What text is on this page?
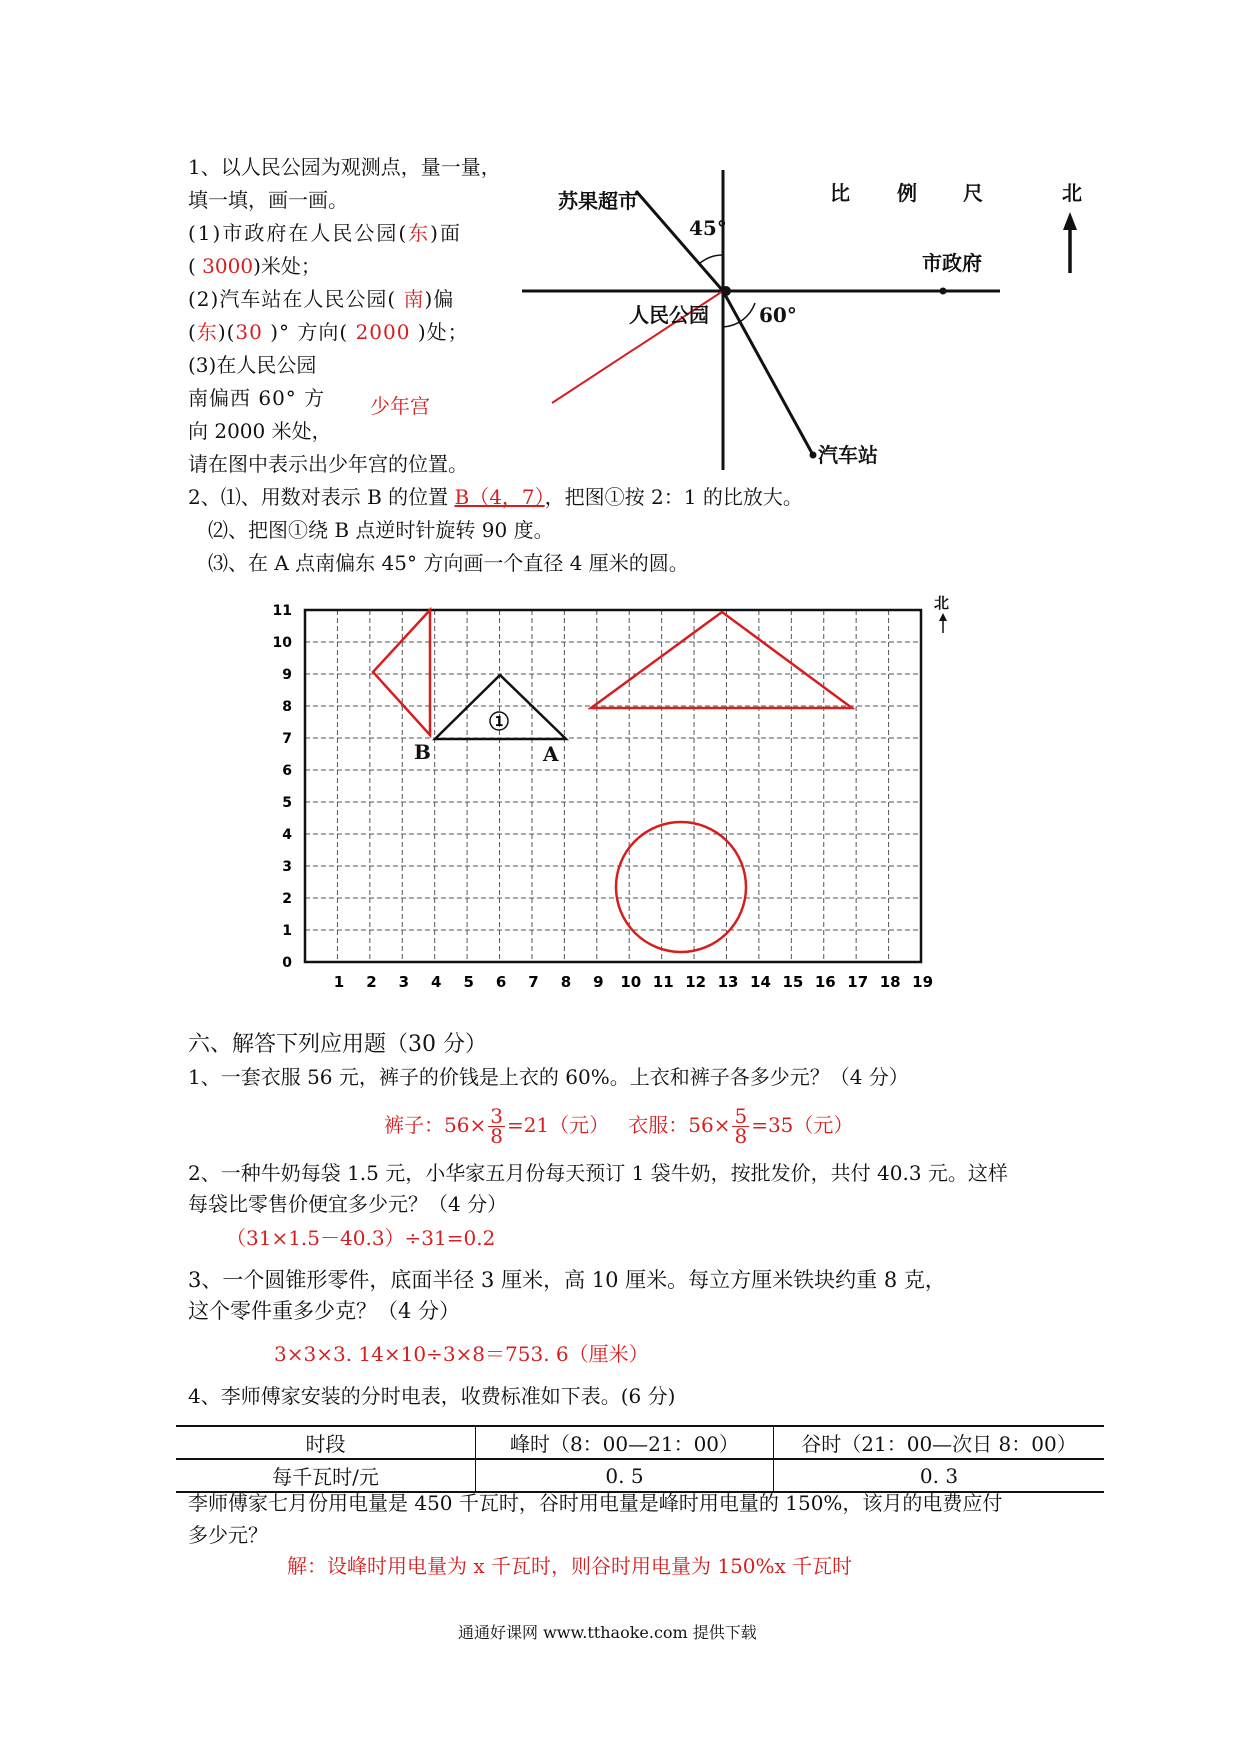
1、以人民公园为观测点，量一量，
填一填，画一画。
(1)市政府在人民公园(东)面
( 3000)米处；
(2)汽车站在人民公园( 南)偏
(东)(30 )° 方向( 2000 )处；
(3)在人民公园
南偏西 60° 方
向 2000 米处，
请在图中表示出少年宫的位置。
少年宫
苏果超市
45°
比 例 尺	北
市政府
人民公园	60°
汽车站
2、⑴、用数对表示 B 的位置 B（4，7），把图①按 2：1 的比放大。
⑵、把图①绕 B 点逆时针旋转 90 度。
⑶、在 A 点南偏东 45° 方向画一个直径 4 厘米的圆。
1 2 3 4 5 6 7 8 9 10 11 12 13 14 15 16 17 18 19
0
1
2
3
4
5
6
7
8
9
10
11
1
北
B	A
六、解答下列应用题（30 分）
1、一套衣服 56 元，裤子的价钱是上衣的 60%。上衣和裤子各多少元？（4 分）
裤子：$56\times \frac{3}{8} =21$（元） 衣服：$56\times \frac{5}{8} =35$（元）
2、一种牛奶每袋 1.5 元，小华家五月份每天预订 1 袋牛奶，按批发价，共付 40.3 元。这样
每袋比零售价便宜多少元？（4 分）
（31×1.5－40.3）÷31=0.2
3、一个圆锥形零件，底面半径 3 厘米，高 10 厘米。每立方厘米铁块约重 8 克，
这个零件重多少克？（4 分）
3×3×3. 14×10÷3×8＝753. 6（厘米）
4、李师傅家安装的分时电表，收费标准如下表。(6 分)
时段	峰时（8：00—21：00）	谷时（21：00—次日 8：00）
每千瓦时/元	0. 5	0. 3
李师傅家七月份用电量是 450 千瓦时，谷时用电量是峰时用电量的 150%，该月的电费应付
多少元？
解：设峰时用电量为 x 千瓦时，则谷时用电量为 150%x 千瓦时
通通好课网 www.tthaoke.com 提供下载
